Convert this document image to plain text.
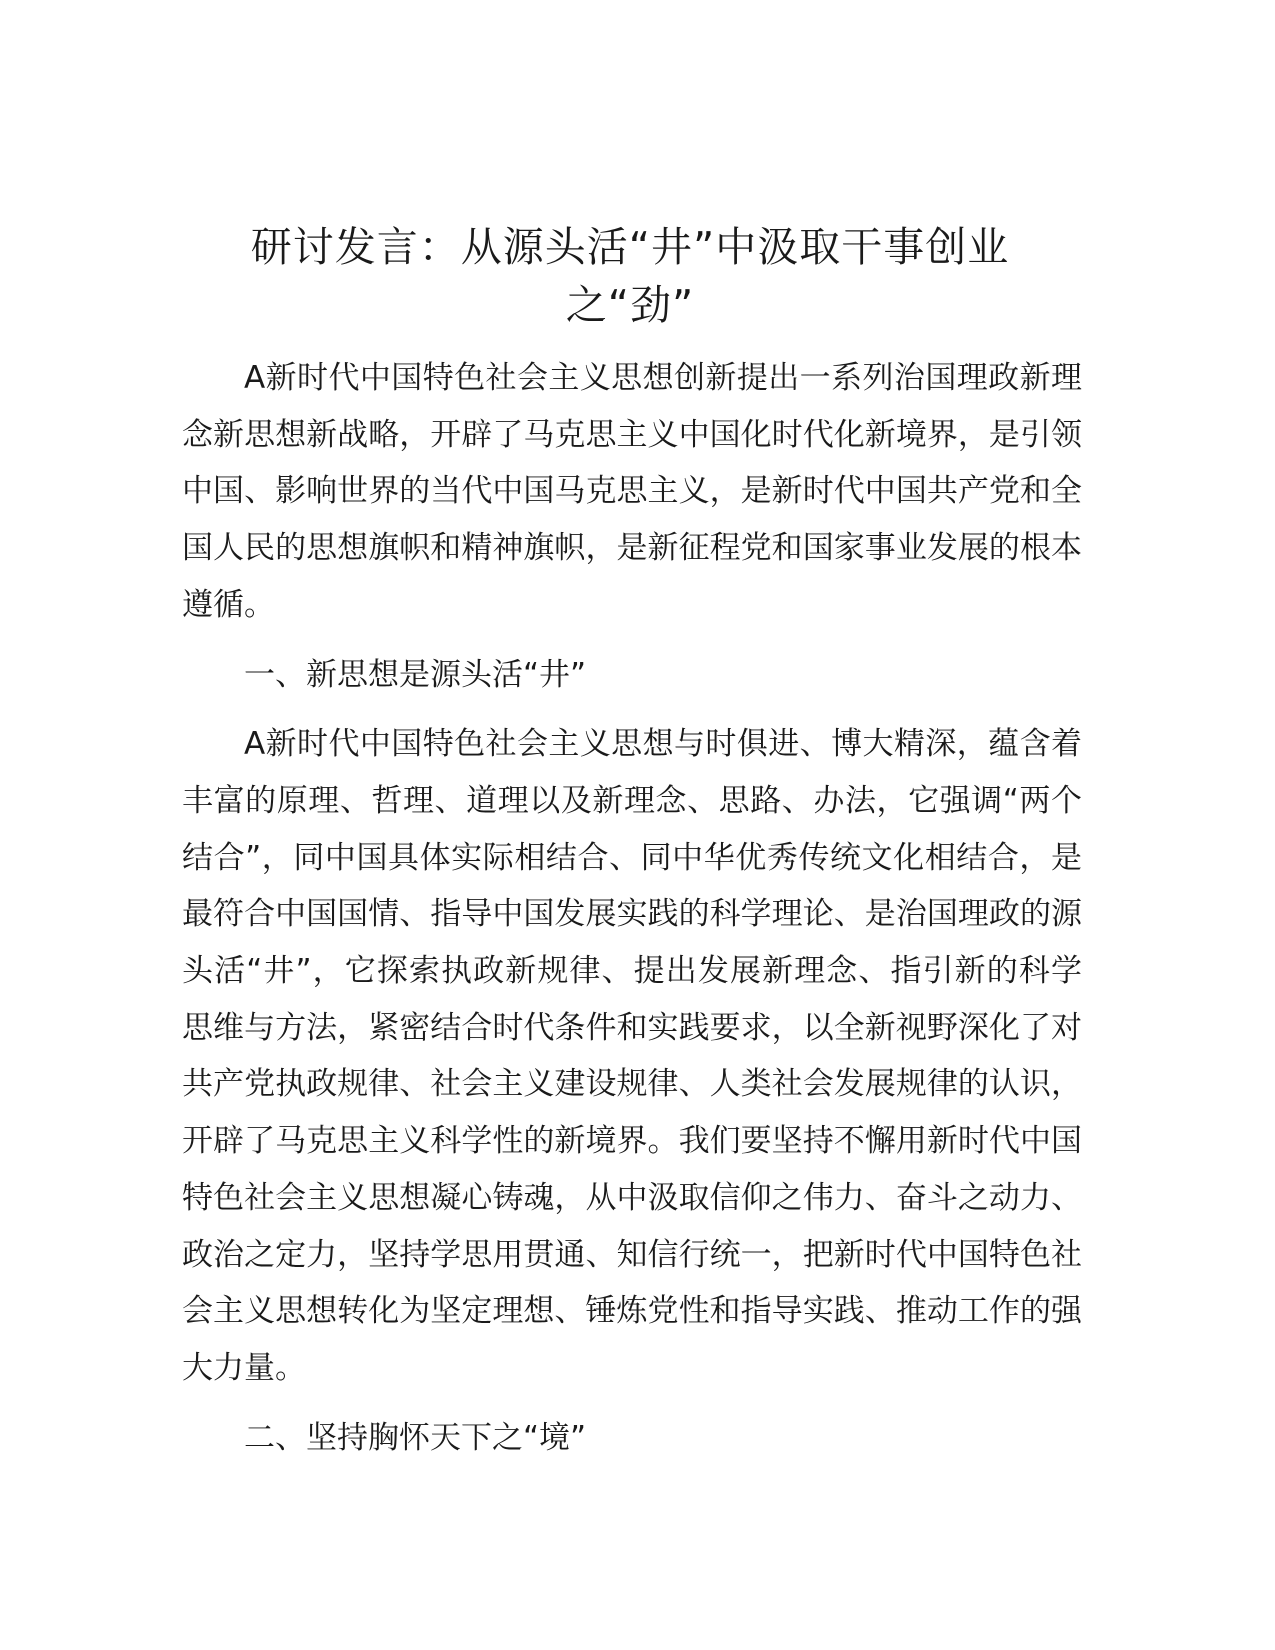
研讨发言：从源头活“井”中汲取干事创业
之“劲”

A新时代中国特色社会主义思想创新提出一系列治国理政新理念新思想新战略，开辟了马克思主义中国化时代化新境界，是引领中国、影响世界的当代中国马克思主义，是新时代中国共产党和全国人民的思想旗帜和精神旗帜，是新征程党和国家事业发展的根本遵循。

一、新思想是源头活“井”

A新时代中国特色社会主义思想与时俱进、博大精深，蕴含着丰富的原理、哲理、道理以及新理念、思路、办法，它强调“两个结合”，同中国具体实际相结合、同中华优秀传统文化相结合，是最符合中国国情、指导中国发展实践的科学理论、是治国理政的源头活“井”，它探索执政新规律、提出发展新理念、指引新的科学思维与方法，紧密结合时代条件和实践要求，以全新视野深化了对共产党执政规律、社会主义建设规律、人类社会发展规律的认识，开辟了马克思主义科学性的新境界。我们要坚持不懈用新时代中国特色社会主义思想凝心铸魂，从中汲取信仰之伟力、奋斗之动力、政治之定力，坚持学思用贯通、知信行统一，把新时代中国特色社会主义思想转化为坚定理想、锤炼党性和指导实践、推动工作的强大力量。

二、坚持胸怀天下之“境”
